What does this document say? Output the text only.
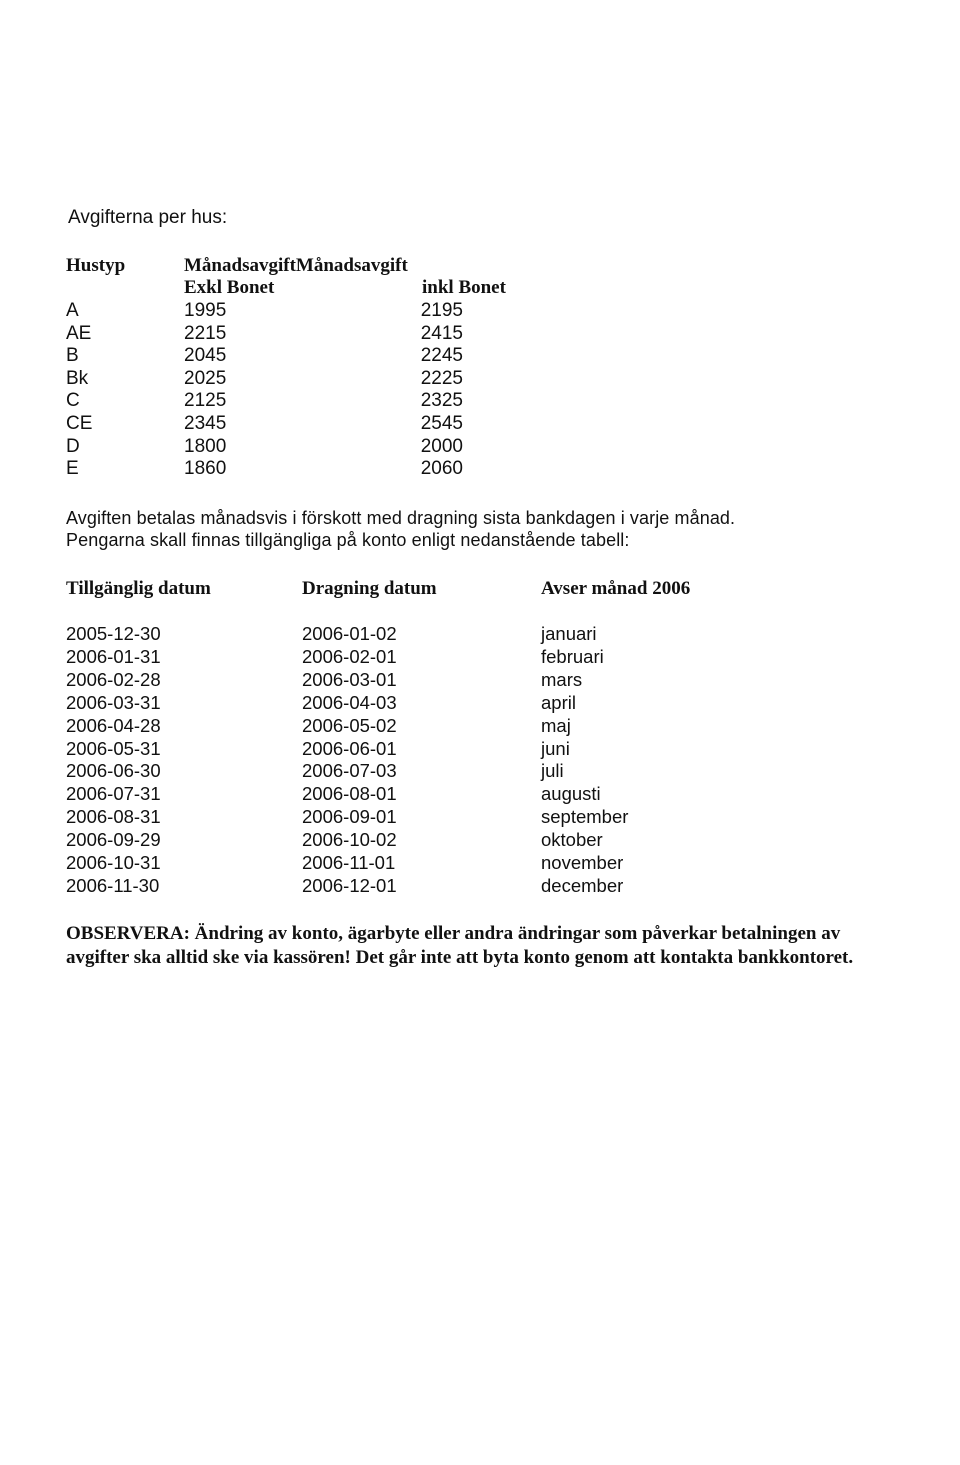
Avgifterna per hus:
Hustyp	MånadsavgiftMånadsavgift
Exkl Bonet	inkl Bonet
A	1995	2195
AE	2215	2415
B	2045	2245
Bk	2025	2225
C	2125	2325
CE	2345	2545
D	1800	2000
E	1860	2060
Avgiften betalas månadsvis i förskott med dragning sista bankdagen i varje månad.
Pengarna skall finnas tillgängliga på konto enligt nedanstående tabell:
Tillgänglig datum	Dragning datum	Avser månad 2006
2005-12-30	2006-01-02	januari
2006-01-31	2006-02-01	februari
2006-02-28	2006-03-01	mars
2006-03-31	2006-04-03	april
2006-04-28	2006-05-02	maj
2006-05-31	2006-06-01	juni
2006-06-30	2006-07-03	juli
2006-07-31	2006-08-01	augusti
2006-08-31	2006-09-01	september
2006-09-29	2006-10-02	oktober
2006-10-31	2006-11-01	november
2006-11-30	2006-12-01	december
OBSERVERA: Ändring av konto, ägarbyte eller andra ändringar som påverkar betalningen av avgifter ska alltid ske via kassören! Det går inte att byta konto genom att kontakta bankkontoret.
